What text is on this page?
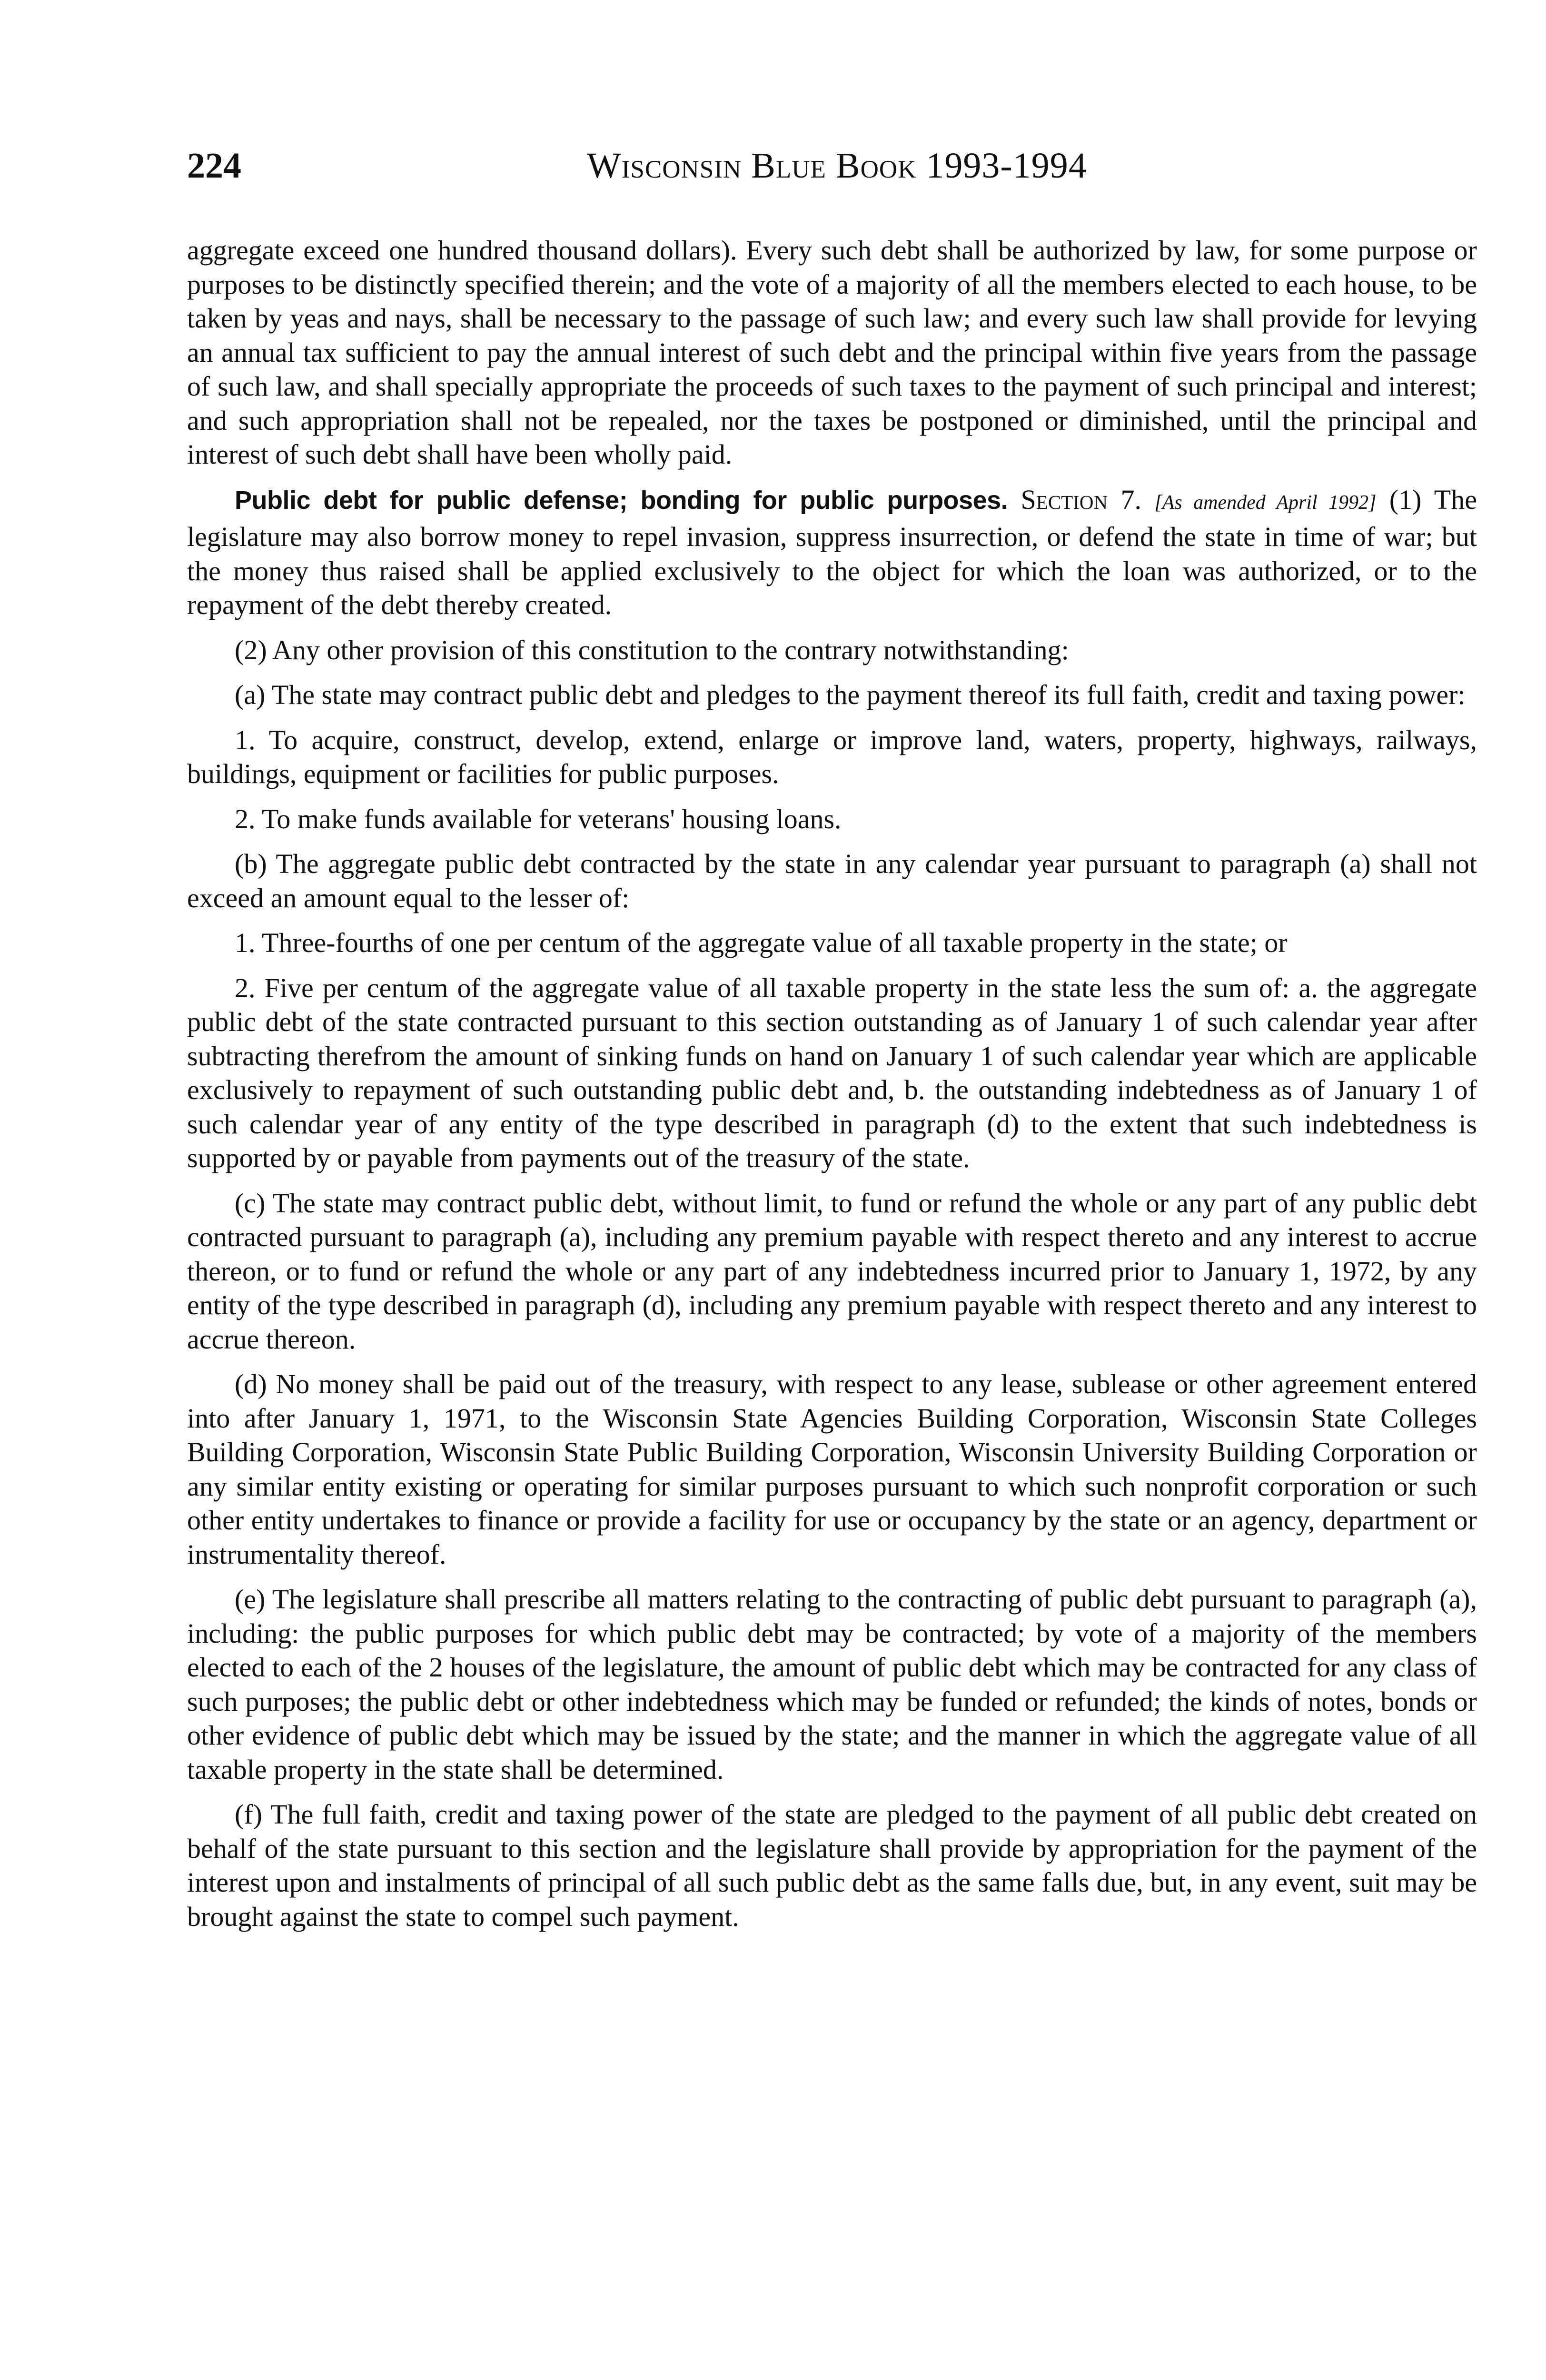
224	Wisconsin Blue Book 1993-1994

aggregate exceed one hundred thousand dollars). Every such debt shall be authorized by law, for some purpose or purposes to be distinctly specified therein; and the vote of a majority of all the members elected to each house, to be taken by yeas and nays, shall be necessary to the passage of such law; and every such law shall provide for levying an annual tax sufficient to pay the annual interest of such debt and the principal within five years from the passage of such law, and shall specially appropriate the proceeds of such taxes to the payment of such principal and interest; and such appropriation shall not be repealed, nor the taxes be postponed or diminished, until the principal and interest of such debt shall have been wholly paid.

Public debt for public defense; bonding for public purposes. Section 7. [As amended April 1992] (1) The legislature may also borrow money to repel invasion, suppress insurrection, or defend the state in time of war; but the money thus raised shall be applied exclusively to the object for which the loan was authorized, or to the repayment of the debt thereby created.

(2) Any other provision of this constitution to the contrary notwithstanding:

(a) The state may contract public debt and pledges to the payment thereof its full faith, credit and taxing power:

1. To acquire, construct, develop, extend, enlarge or improve land, waters, property, highways, railways, buildings, equipment or facilities for public purposes.

2. To make funds available for veterans' housing loans.

(b) The aggregate public debt contracted by the state in any calendar year pursuant to paragraph (a) shall not exceed an amount equal to the lesser of:

1. Three-fourths of one per centum of the aggregate value of all taxable property in the state; or

2. Five per centum of the aggregate value of all taxable property in the state less the sum of: a. the aggregate public debt of the state contracted pursuant to this section outstanding as of January 1 of such calendar year after subtracting therefrom the amount of sinking funds on hand on January 1 of such calendar year which are applicable exclusively to repayment of such outstanding public debt and, b. the outstanding indebtedness as of January 1 of such calendar year of any entity of the type described in paragraph (d) to the extent that such indebtedness is supported by or payable from payments out of the treasury of the state.

(c) The state may contract public debt, without limit, to fund or refund the whole or any part of any public debt contracted pursuant to paragraph (a), including any premium payable with respect thereto and any interest to accrue thereon, or to fund or refund the whole or any part of any indebtedness incurred prior to January 1, 1972, by any entity of the type described in paragraph (d), including any premium payable with respect thereto and any interest to accrue thereon.

(d) No money shall be paid out of the treasury, with respect to any lease, sublease or other agreement entered into after January 1, 1971, to the Wisconsin State Agencies Building Corporation, Wisconsin State Colleges Building Corporation, Wisconsin State Public Building Corporation, Wisconsin University Building Corporation or any similar entity existing or operating for similar purposes pursuant to which such nonprofit corporation or such other entity undertakes to finance or provide a facility for use or occupancy by the state or an agency, department or instrumentality thereof.

(e) The legislature shall prescribe all matters relating to the contracting of public debt pursuant to paragraph (a), including: the public purposes for which public debt may be contracted; by vote of a majority of the members elected to each of the 2 houses of the legislature, the amount of public debt which may be contracted for any class of such purposes; the public debt or other indebtedness which may be funded or refunded; the kinds of notes, bonds or other evidence of public debt which may be issued by the state; and the manner in which the aggregate value of all taxable property in the state shall be determined.

(f) The full faith, credit and taxing power of the state are pledged to the payment of all public debt created on behalf of the state pursuant to this section and the legislature shall provide by appropriation for the payment of the interest upon and instalments of principal of all such public debt as the same falls due, but, in any event, suit may be brought against the state to compel such payment.
